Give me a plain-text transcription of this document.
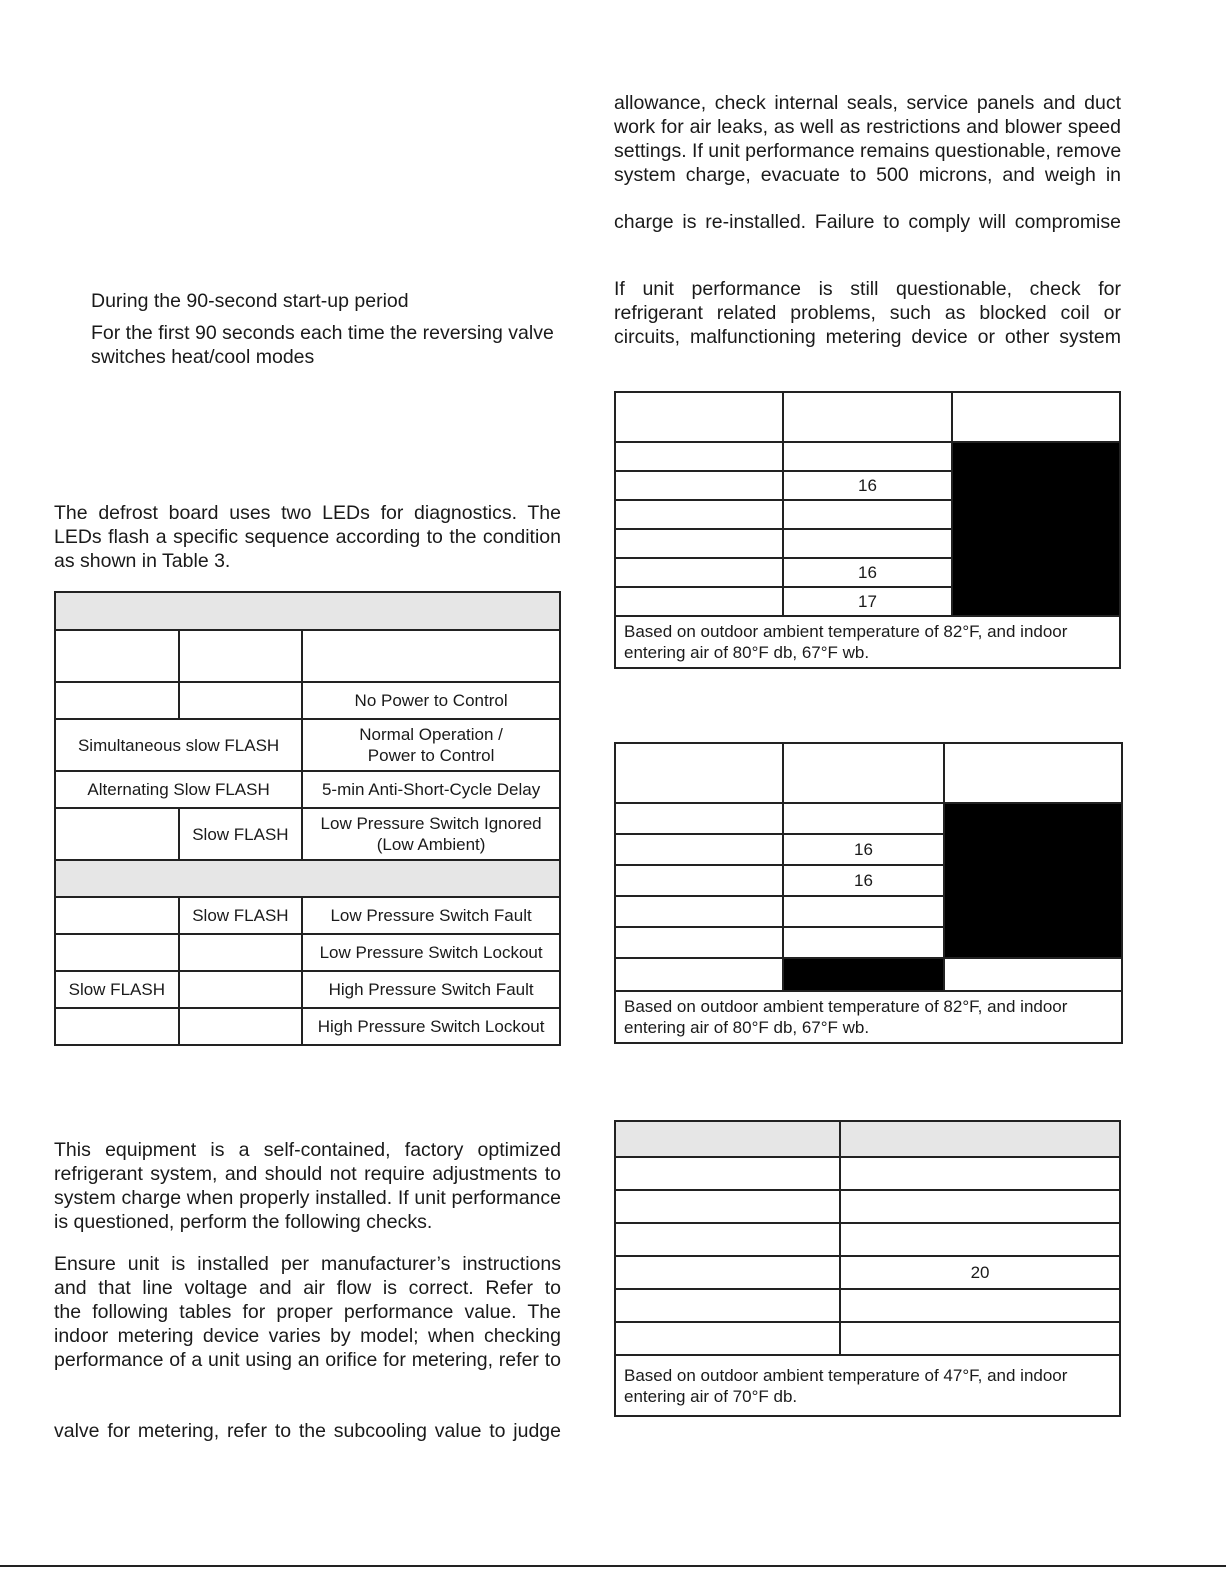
During the 90-second start-up period
For the first 90 seconds each time the reversing valve
switches heat/cool modes
The defrost board uses two LEDs for diagnostics. The
LEDs flash a specific sequence according to the condition
as shown in Table 3.

		No Power to Control
Simultaneous slow FLASH		Normal Operation /
Power to Control

Alternating Slow FLASH		5-min Anti-Short-Cycle Delay
	Slow FLASH	Low Pressure Switch Ignored
(Low Ambient)

	Slow FLASH	Low Pressure Switch Fault
		Low Pressure Switch Lockout
Slow FLASH		High Pressure Switch Fault
		High Pressure Switch Lockout
This equipment is a self-contained, factory optimized
refrigerant system, and should not require adjustments to
system charge when properly installed. If unit performance
is questioned, perform the following checks.
Ensure unit is installed per manufacturer’s instructions
and that line voltage and air flow is correct. Refer to
the following tables for proper performance value. The
indoor metering device varies by model; when checking
performance of a unit using an orifice for metering, refer to
valve for metering, refer to the subcooling value to judge
allowance, check internal seals, service panels and duct
work for air leaks, as well as restrictions and blower speed
settings. If unit performance remains questionable, remove
system charge, evacuate to 500 microns, and weigh in
charge is re-installed. Failure to comply will compromise
If unit performance is still questionable, check for
refrigerant related problems, such as blocked coil or
circuits, malfunctioning metering device or other system

	16	

	16	
	17	

Based on outdoor ambient temperature of 82°F, and indoor
entering air of 80°F db, 67°F wb.		

	16	
	16	

Based on outdoor ambient temperature of 82°F, and indoor
entering air of 80°F db, 67°F wb.		

	20

Based on outdoor ambient temperature of 47°F, and indoor
entering air of 70°F db.	
